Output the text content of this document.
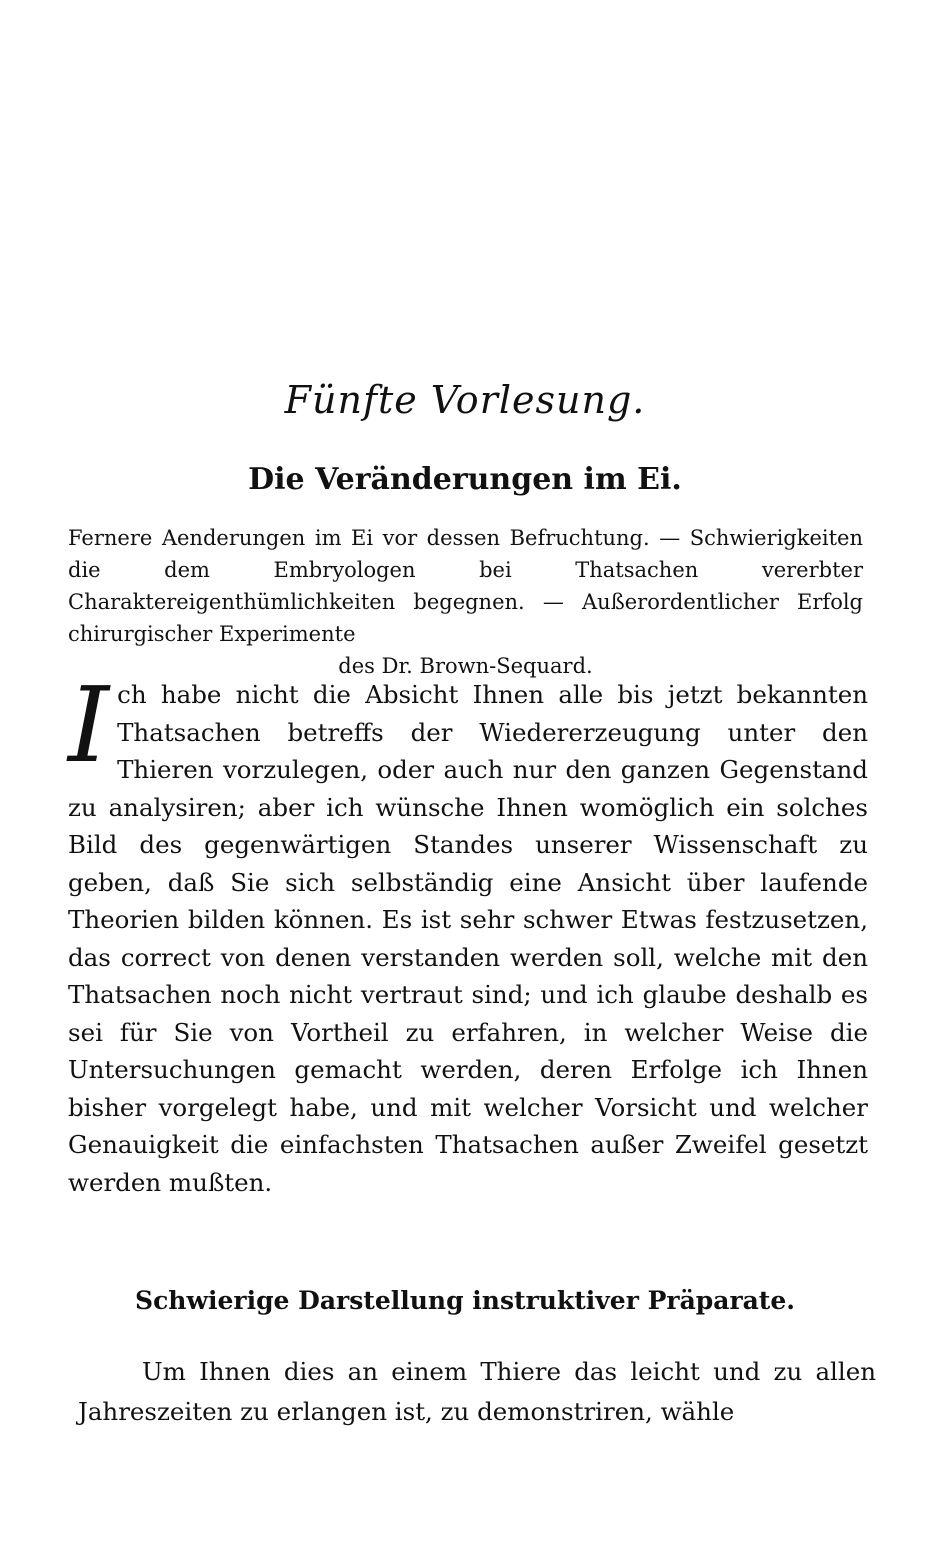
Fünfte Vorlesung.
Die Veränderungen im Ei.
Fernere Aenderungen im Ei vor dessen Befruchtung. — Schwierigkeiten die dem Embryologen bei Thatsachen vererbter Charaktereigenthümlichkeiten begegnen. — Außerordentlicher Erfolg chirurgischer Experimente
des Dr. Brown-Sequard.
I ch habe nicht die Absicht Ihnen alle bis jetzt bekannten Thatsachen betreffs der Wiedererzeugung unter den Thieren vorzulegen, oder auch nur den ganzen Gegenstand zu analysiren; aber ich wünsche Ihnen womöglich ein solches Bild des gegenwärtigen Standes unserer Wissenschaft zu geben, daß Sie sich selbständig eine Ansicht über laufende Theorien bilden können. Es ist sehr schwer Etwas festzusetzen, das correct von denen verstanden werden soll, welche mit den Thatsachen noch nicht vertraut sind; und ich glaube deshalb es sei für Sie von Vortheil zu erfahren, in welcher Weise die Untersuchungen gemacht werden, deren Erfolge ich Ihnen bisher vorgelegt habe, und mit welcher Vorsicht und welcher Genauigkeit die einfachsten Thatsachen außer Zweifel gesetzt werden mußten.
Schwierige Darstellung instruktiver Präparate.
Um Ihnen dies an einem Thiere das leicht und zu allen Jahreszeiten zu erlangen ist, zu demonstriren, wähle
